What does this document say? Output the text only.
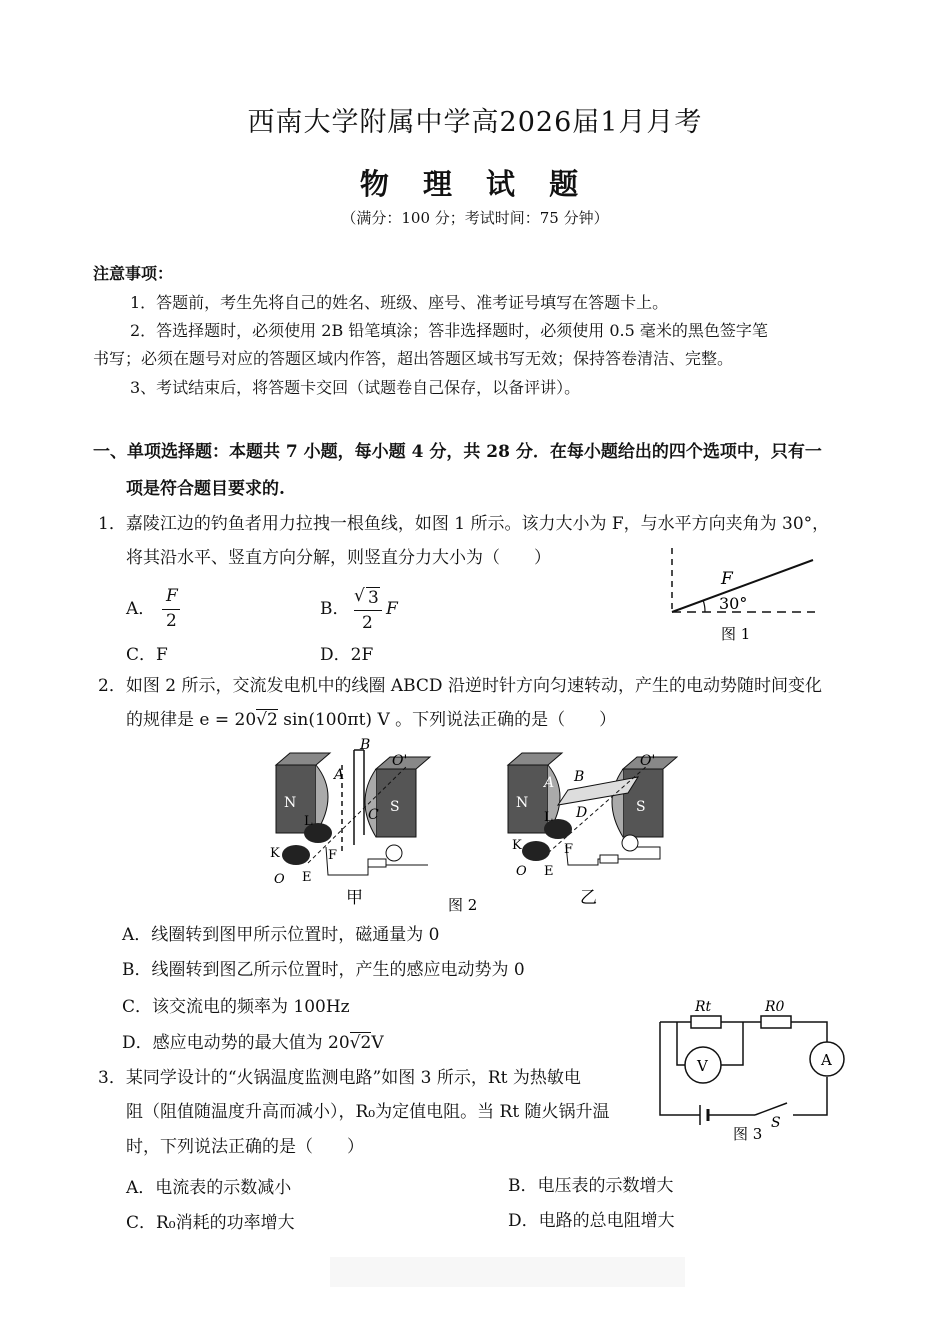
西南大学附属中学高2026届1月月考
物 理 试 题
（满分：100 分；考试时间：75 分钟）
注意事项：
1．答题前，考生先将自己的姓名、班级、座号、准考证号填写在答题卡上。
2．答选择题时，必须使用 2B 铅笔填涂；答非选择题时，必须使用 0.5 毫米的黑色签字笔
书写；必须在题号对应的答题区域内作答，超出答题区域书写无效；保持答卷清洁、完整。
3、考试结束后，将答题卡交回（试题卷自己保存，以备评讲）。
一、单项选择题：本题共 7 小题，每小题 4 分，共 28 分．在每小题给出的四个选项中，只有一
项是符合题目要求的.
1．嘉陵江边的钓鱼者用力拉拽一根鱼线，如图 1 所示。该力大小为 F，与水平方向夹角为 30°，
将其沿水平、竖直方向分解，则竖直分力大小为（　　）
A．
F
2
B．
√ 3
2
F
C．F	D．2F
F
30°
图 1
2．如图 2 所示，交流发电机中的线圈 ABCD 沿逆时针方向匀速转动，产生的电动势随时间变化
的规律是 e = 20√2 sin(100πt) V 。下列说法正确的是（　　）
N	S
A
B
C
O'
K
L
F
E
O
甲	图 2
N	S
A B
D
O'
K
L
F
E
O
乙
A．线圈转到图甲所示位置时，磁通量为 0
B．线圈转到图乙所示位置时，产生的感应电动势为 0
C．该交流电的频率为 100Hz
D．感应电动势的最大值为 20√2V
Rt	R0
V	A
S
图 3
3．某同学设计的“火锅温度监测电路”如图 3 所示，Rt 为热敏电
阻（阻值随温度升高而减小），R₀为定值电阻。当 Rt 随火锅升温
时，下列说法正确的是（　　）
A．电流表的示数减小	B．电压表的示数增大
C．R₀消耗的功率增大	D．电路的总电阻增大
